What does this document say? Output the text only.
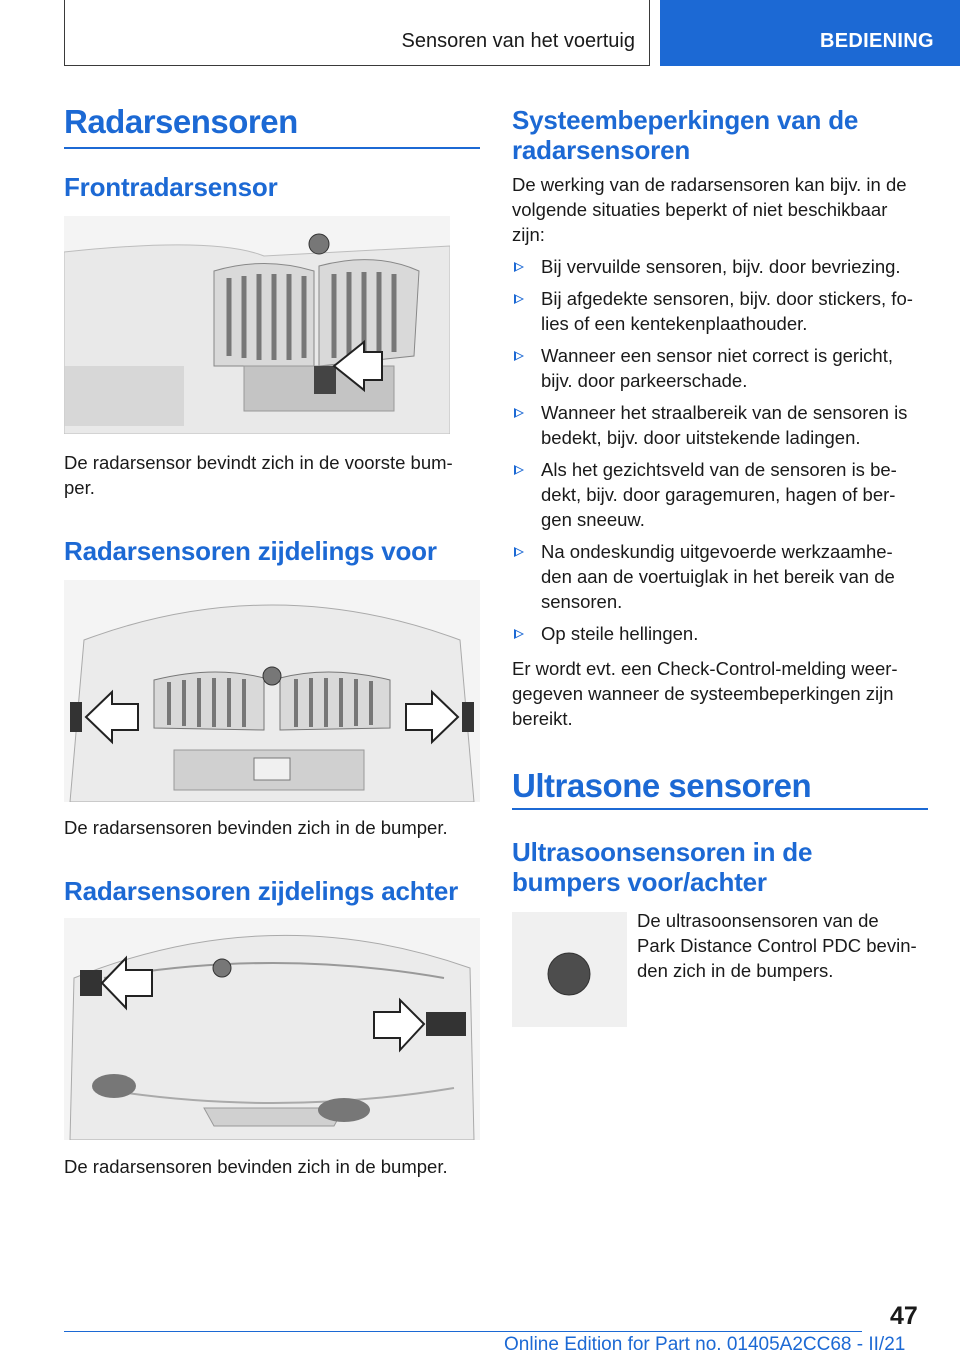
Sensoren van het voertuig	BEDIENING
Radarsensoren
Frontradarsensor
De radarsensor bevindt zich in de voorste bum-
per.
Radarsensoren zijdelings voor
De radarsensoren bevinden zich in de bumper.
Radarsensoren zijdelings achter
De radarsensoren bevinden zich in de bumper.
Systeembeperkingen van de
radarsensoren
De werking van de radarsensoren kan bijv. in de
volgende situaties beperkt of niet beschikbaar
zijn:
Bij vervuilde sensoren, bijv. door bevriezing.
Bij afgedekte sensoren, bijv. door stickers, fo-
lies of een kentekenplaathouder.
Wanneer een sensor niet correct is gericht,
bijv. door parkeerschade.
Wanneer het straalbereik van de sensoren is
bedekt, bijv. door uitstekende ladingen.
Als het gezichtsveld van de sensoren is be-
dekt, bijv. door garagemuren, hagen of ber-
gen sneeuw.
Na ondeskundig uitgevoerde werkzaamhe-
den aan de voertuiglak in het bereik van de
sensoren.
Op steile hellingen.
Er wordt evt. een Check-Control-melding weer-
gegeven wanneer de systeembeperkingen zijn
bereikt.
Ultrasone sensoren
Ultrasoonsensoren in de
bumpers voor/achter
De ultrasoonsensoren van de
Park Distance Control PDC bevin-
den zich in de bumpers.
47
Online Edition for Part no. 01405A2CC68 - II/21
